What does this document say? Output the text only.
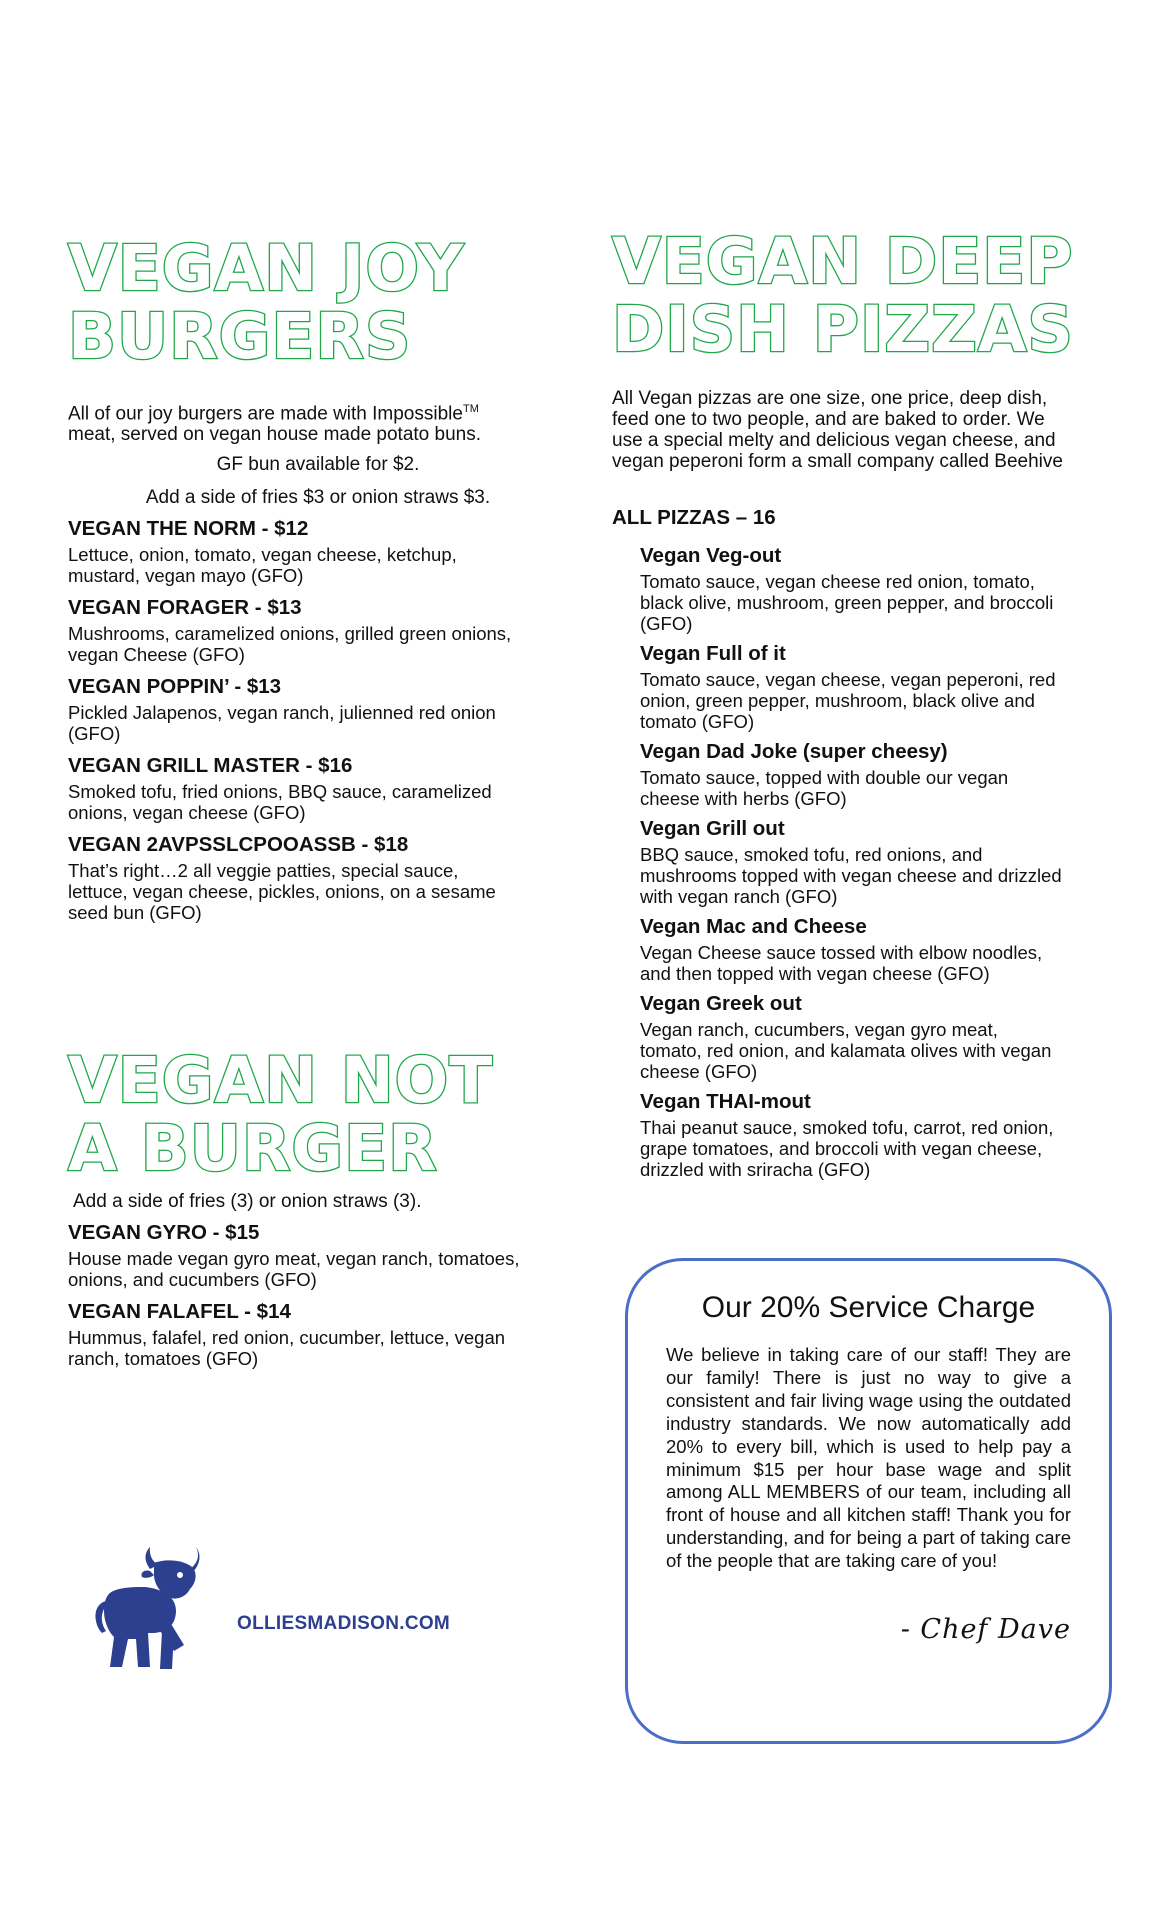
VEGAN JOY
BURGERS

All of our joy burgers are made with Impossible™
meat, served on vegan house made potato buns.

GF bun available for $2.

Add a side of fries $3 or onion straws $3.

VEGAN THE NORM - $12

Lettuce, onion, tomato, vegan cheese, ketchup,
mustard, vegan mayo (GFO)

VEGAN FORAGER - $13

Mushrooms, caramelized onions, grilled green onions,
vegan Cheese (GFO)

VEGAN POPPIN’ - $13

Pickled Jalapenos, vegan ranch, julienned red onion
(GFO)

VEGAN GRILL MASTER - $16

Smoked tofu, fried onions, BBQ sauce, caramelized
onions, vegan cheese (GFO)

VEGAN 2AVPSSLCPOOASSB - $18

That’s right…2 all veggie patties, special sauce,
lettuce, vegan cheese, pickles, onions, on a sesame
seed bun (GFO)

VEGAN NOT
A BURGER

Add a side of fries (3) or onion straws (3).

VEGAN GYRO - $15

House made vegan gyro meat, vegan ranch, tomatoes,
onions, and cucumbers (GFO)

VEGAN FALAFEL - $14

Hummus, falafel, red onion, cucumber, lettuce, vegan
ranch, tomatoes (GFO)

VEGAN DEEP
DISH PIZZAS

All Vegan pizzas are one size, one price, deep dish,
feed one to two people, and are baked to order. We
use a special melty and delicious vegan cheese, and
vegan peperoni form a small company called Beehive

ALL PIZZAS – 16

Vegan Veg-out

Tomato sauce, vegan cheese red onion, tomato,
black olive, mushroom, green pepper, and broccoli
(GFO)

Vegan Full of it

Tomato sauce, vegan cheese, vegan peperoni, red
onion, green pepper, mushroom, black olive and
tomato (GFO)

Vegan Dad Joke (super cheesy)

Tomato sauce, topped with double our vegan
cheese with herbs (GFO)

Vegan Grill out

BBQ sauce, smoked tofu, red onions, and
mushrooms topped with vegan cheese and drizzled
with vegan ranch (GFO)

Vegan Mac and Cheese

Vegan Cheese sauce tossed with elbow noodles,
and then topped with vegan cheese (GFO)

Vegan Greek out

Vegan ranch, cucumbers, vegan gyro meat,
tomato, red onion, and kalamata olives with vegan
cheese (GFO)

Vegan THAI-mout

Thai peanut sauce, smoked tofu, carrot, red onion,
grape tomatoes, and broccoli with vegan cheese,
drizzled with sriracha (GFO)

Our 20% Service Charge

We believe in taking care of our staff! They are our family! There is just no way to give a consistent and fair living wage using the outdated industry standards. We now automatically add 20% to every bill, which is used to help pay a minimum $15 per hour base wage and split among ALL MEMBERS of our team, including all front of house and all kitchen staff! Thank you for understanding, and for being a part of taking care of the people that are taking care of you!

- Chef Dave

OLLIESMADISON.COM
